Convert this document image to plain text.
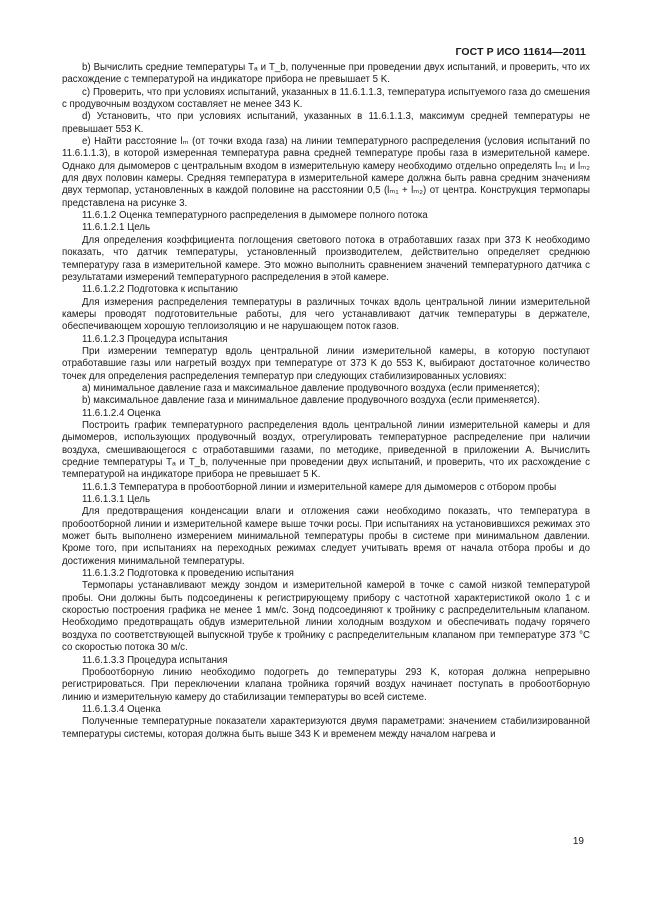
ГОСТ Р ИСО 11614—2011

b) Вычислить средние температуры Tₐ и T_b, полученные при проведении двух испытаний, и проверить, что их расхождение с температурой на индикаторе прибора не превышает 5 K.

c) Проверить, что при условиях испытаний, указанных в 11.6.1.1.3, температура испытуемого газа до смешения с продувочным воздухом составляет не менее 343 K.

d) Установить, что при условиях испытаний, указанных в 11.6.1.1.3, максимум средней температуры не превышает 553 K.

e) Найти расстояние lₘ (от точки входа газа) на линии температурного распределения (условия испытаний по 11.6.1.1.3), в которой измеренная температура равна средней температуре пробы газа в измерительной камере. Однако для дымомеров с центральным входом в измерительную камеру необходимо отдельно определять lₘ₁ и lₘ₂ для двух половин камеры. Средняя температура в измерительной камере должна быть равна средним значениям двух термопар, установленных в каждой половине на расстоянии 0,5 (lₘ₁ + lₘ₂) от центра. Конструкция термопары представлена на рисунке 3.

11.6.1.2 Оценка температурного распределения в дымомере полного потока

11.6.1.2.1 Цель

Для определения коэффициента поглощения светового потока в отработавших газах при 373 K необходимо показать, что датчик температуры, установленный производителем, действительно определяет среднюю температуру газа в измерительной камере. Это можно выполнить сравнением значений температурного датчика с результатами измерений температурного распределения в этой камере.

11.6.1.2.2 Подготовка к испытанию

Для измерения распределения температуры в различных точках вдоль центральной линии измерительной камеры проводят подготовительные работы, для чего устанавливают датчик температуры в держателе, обеспечивающем хорошую теплоизоляцию и не нарушающем поток газов.

11.6.1.2.3 Процедура испытания

При измерении температур вдоль центральной линии измерительной камеры, в которую поступают отработавшие газы или нагретый воздух при температуре от 373 K до 553 K, выбирают достаточное количество точек для определения распределения температур при следующих стабилизированных условиях:

a) минимальное давление газа и максимальное давление продувочного воздуха (если применяется);

b) максимальное давление газа и минимальное давление продувочного воздуха (если применяется).

11.6.1.2.4 Оценка

Построить график температурного распределения вдоль центральной линии измерительной камеры и для дымомеров, использующих продувочный воздух, отрегулировать температурное распределение при наличии воздуха, смешивающегося с отработавшими газами, по методике, приведенной в приложении А. Вычислить средние температуры Tₐ и T_b, полученные при проведении двух испытаний, и проверить, что их расхождение с температурой на индикаторе прибора не превышает 5 K.

11.6.1.3 Температура в пробоотборной линии и измерительной камере для дымомеров с отбором пробы

11.6.1.3.1 Цель

Для предотвращения конденсации влаги и отложения сажи необходимо показать, что температура в пробоотборной линии и измерительной камере выше точки росы. При испытаниях на установившихся режимах это может быть выполнено измерением минимальной температуры пробы в системе при минимальном давлении. Кроме того, при испытаниях на переходных режимах следует учитывать время от начала отбора пробы и до достижения минимальной температуры.

11.6.1.3.2 Подготовка к проведению испытания

Термопары устанавливают между зондом и измерительной камерой в точке с самой низкой температурой пробы. Они должны быть подсоединены к регистрирующему прибору с частотной характеристикой около 1 с и скоростью построения графика не менее 1 мм/с. Зонд подсоединяют к тройнику с распределительным клапаном. Необходимо предотвращать обдув измерительной линии холодным воздухом и обеспечивать подачу горячего воздуха по соответствующей выпускной трубе к тройнику с распределительным клапаном при температуре 373 °С со скоростью потока 30 м/с.

11.6.1.3.3 Процедура испытания

Пробоотборную линию необходимо подогреть до температуры 293 K, которая должна непрерывно регистрироваться. При переключении клапана тройника горячий воздух начинает поступать в пробоотборную линию и измерительную камеру до стабилизации температуры во всей системе.

11.6.1.3.4 Оценка

Полученные температурные показатели характеризуются двумя параметрами: значением стабилизированной температуры системы, которая должна быть выше 343 K и временем между началом нагрева и

19
